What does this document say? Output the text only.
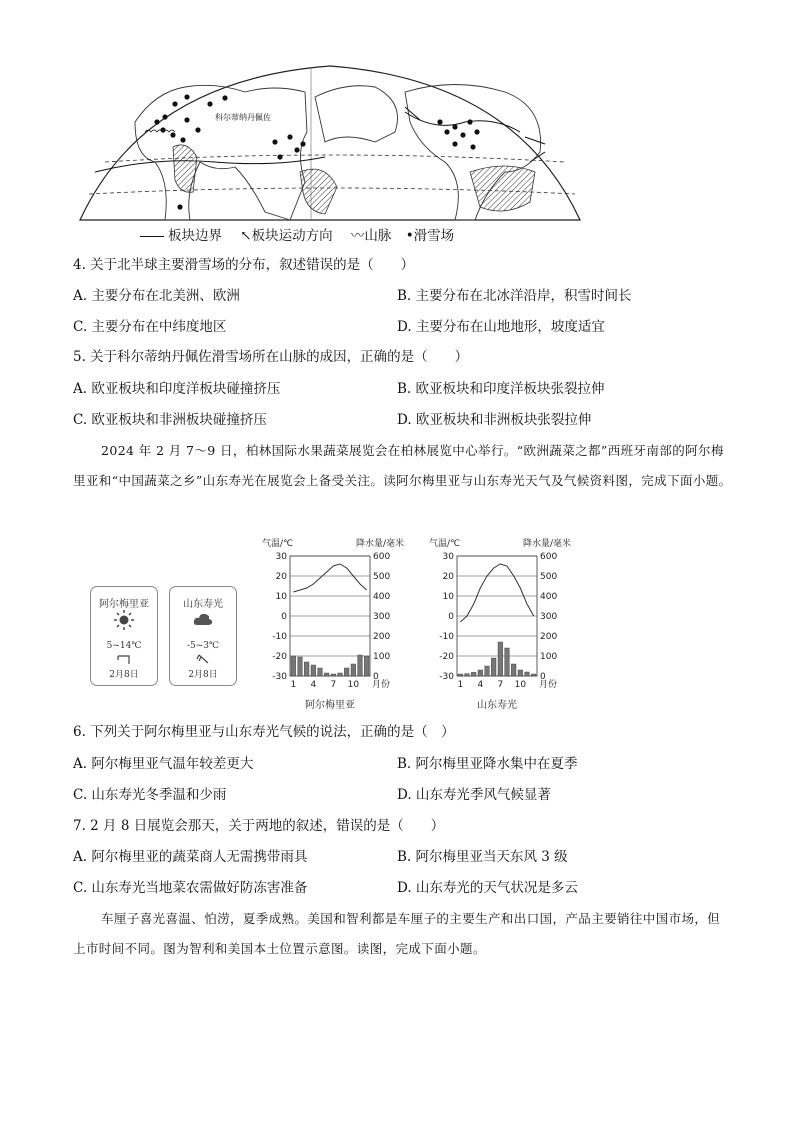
科尔蒂纳丹佩佐
板块边界 ↖板块运动方向 〰山脉 •滑雪场
4. 关于北半球主要滑雪场的分布，叙述错误的是（　　）
A. 主要分布在北美洲、欧洲	B. 主要分布在北冰洋沿岸，积雪时间长
C. 主要分布在中纬度地区	D. 主要分布在山地地形，坡度适宜
5. 关于科尔蒂纳丹佩佐滑雪场所在山脉的成因，正确的是（　　）
A. 欧亚板块和印度洋板块碰撞挤压	B. 欧亚板块和印度洋板块张裂拉伸
C. 欧亚板块和非洲板块碰撞挤压	D. 欧亚板块和非洲板块张裂拉伸
2024 年 2 月 7～9 日，柏林国际水果蔬菜展览会在柏林展览中心举行。“欧洲蔬菜之都”西班牙南部的阿尔梅里亚和“中国蔬菜之乡”山东寿光在展览会上备受关注。读阿尔梅里亚与山东寿光天气及气候资料图，完成下面小题。
阿尔梅里亚
5~14℃
2月8日
山东寿光
-5~3℃
2月8日
气温/℃	降水量/毫米
30	600
20	500
10	400
0	300
-10	200
-20	100
-30	0
1 4 7 10 月份
阿尔梅里亚
气温/℃	降水量/毫米
30	600
20	500
10	400
0	300
-10	200
-20	100
-30	0
1 4 7 10 月份
山东寿光
6. 下列关于阿尔梅里亚与山东寿光气候的说法，正确的是（　）
A. 阿尔梅里亚气温年较差更大	B. 阿尔梅里亚降水集中在夏季
C. 山东寿光冬季温和少雨	D. 山东寿光季风气候显著
7. 2 月 8 日展览会那天，关于两地的叙述，错误的是（　　）
A. 阿尔梅里亚的蔬菜商人无需携带雨具	B. 阿尔梅里亚当天东风 3 级
C. 山东寿光当地菜农需做好防冻害准备	D. 山东寿光的天气状况是多云
车厘子喜光喜温、怕涝，夏季成熟。美国和智利都是车厘子的主要生产和出口国，产品主要销往中国市场，但上市时间不同。图为智利和美国本土位置示意图。读图，完成下面小题。
